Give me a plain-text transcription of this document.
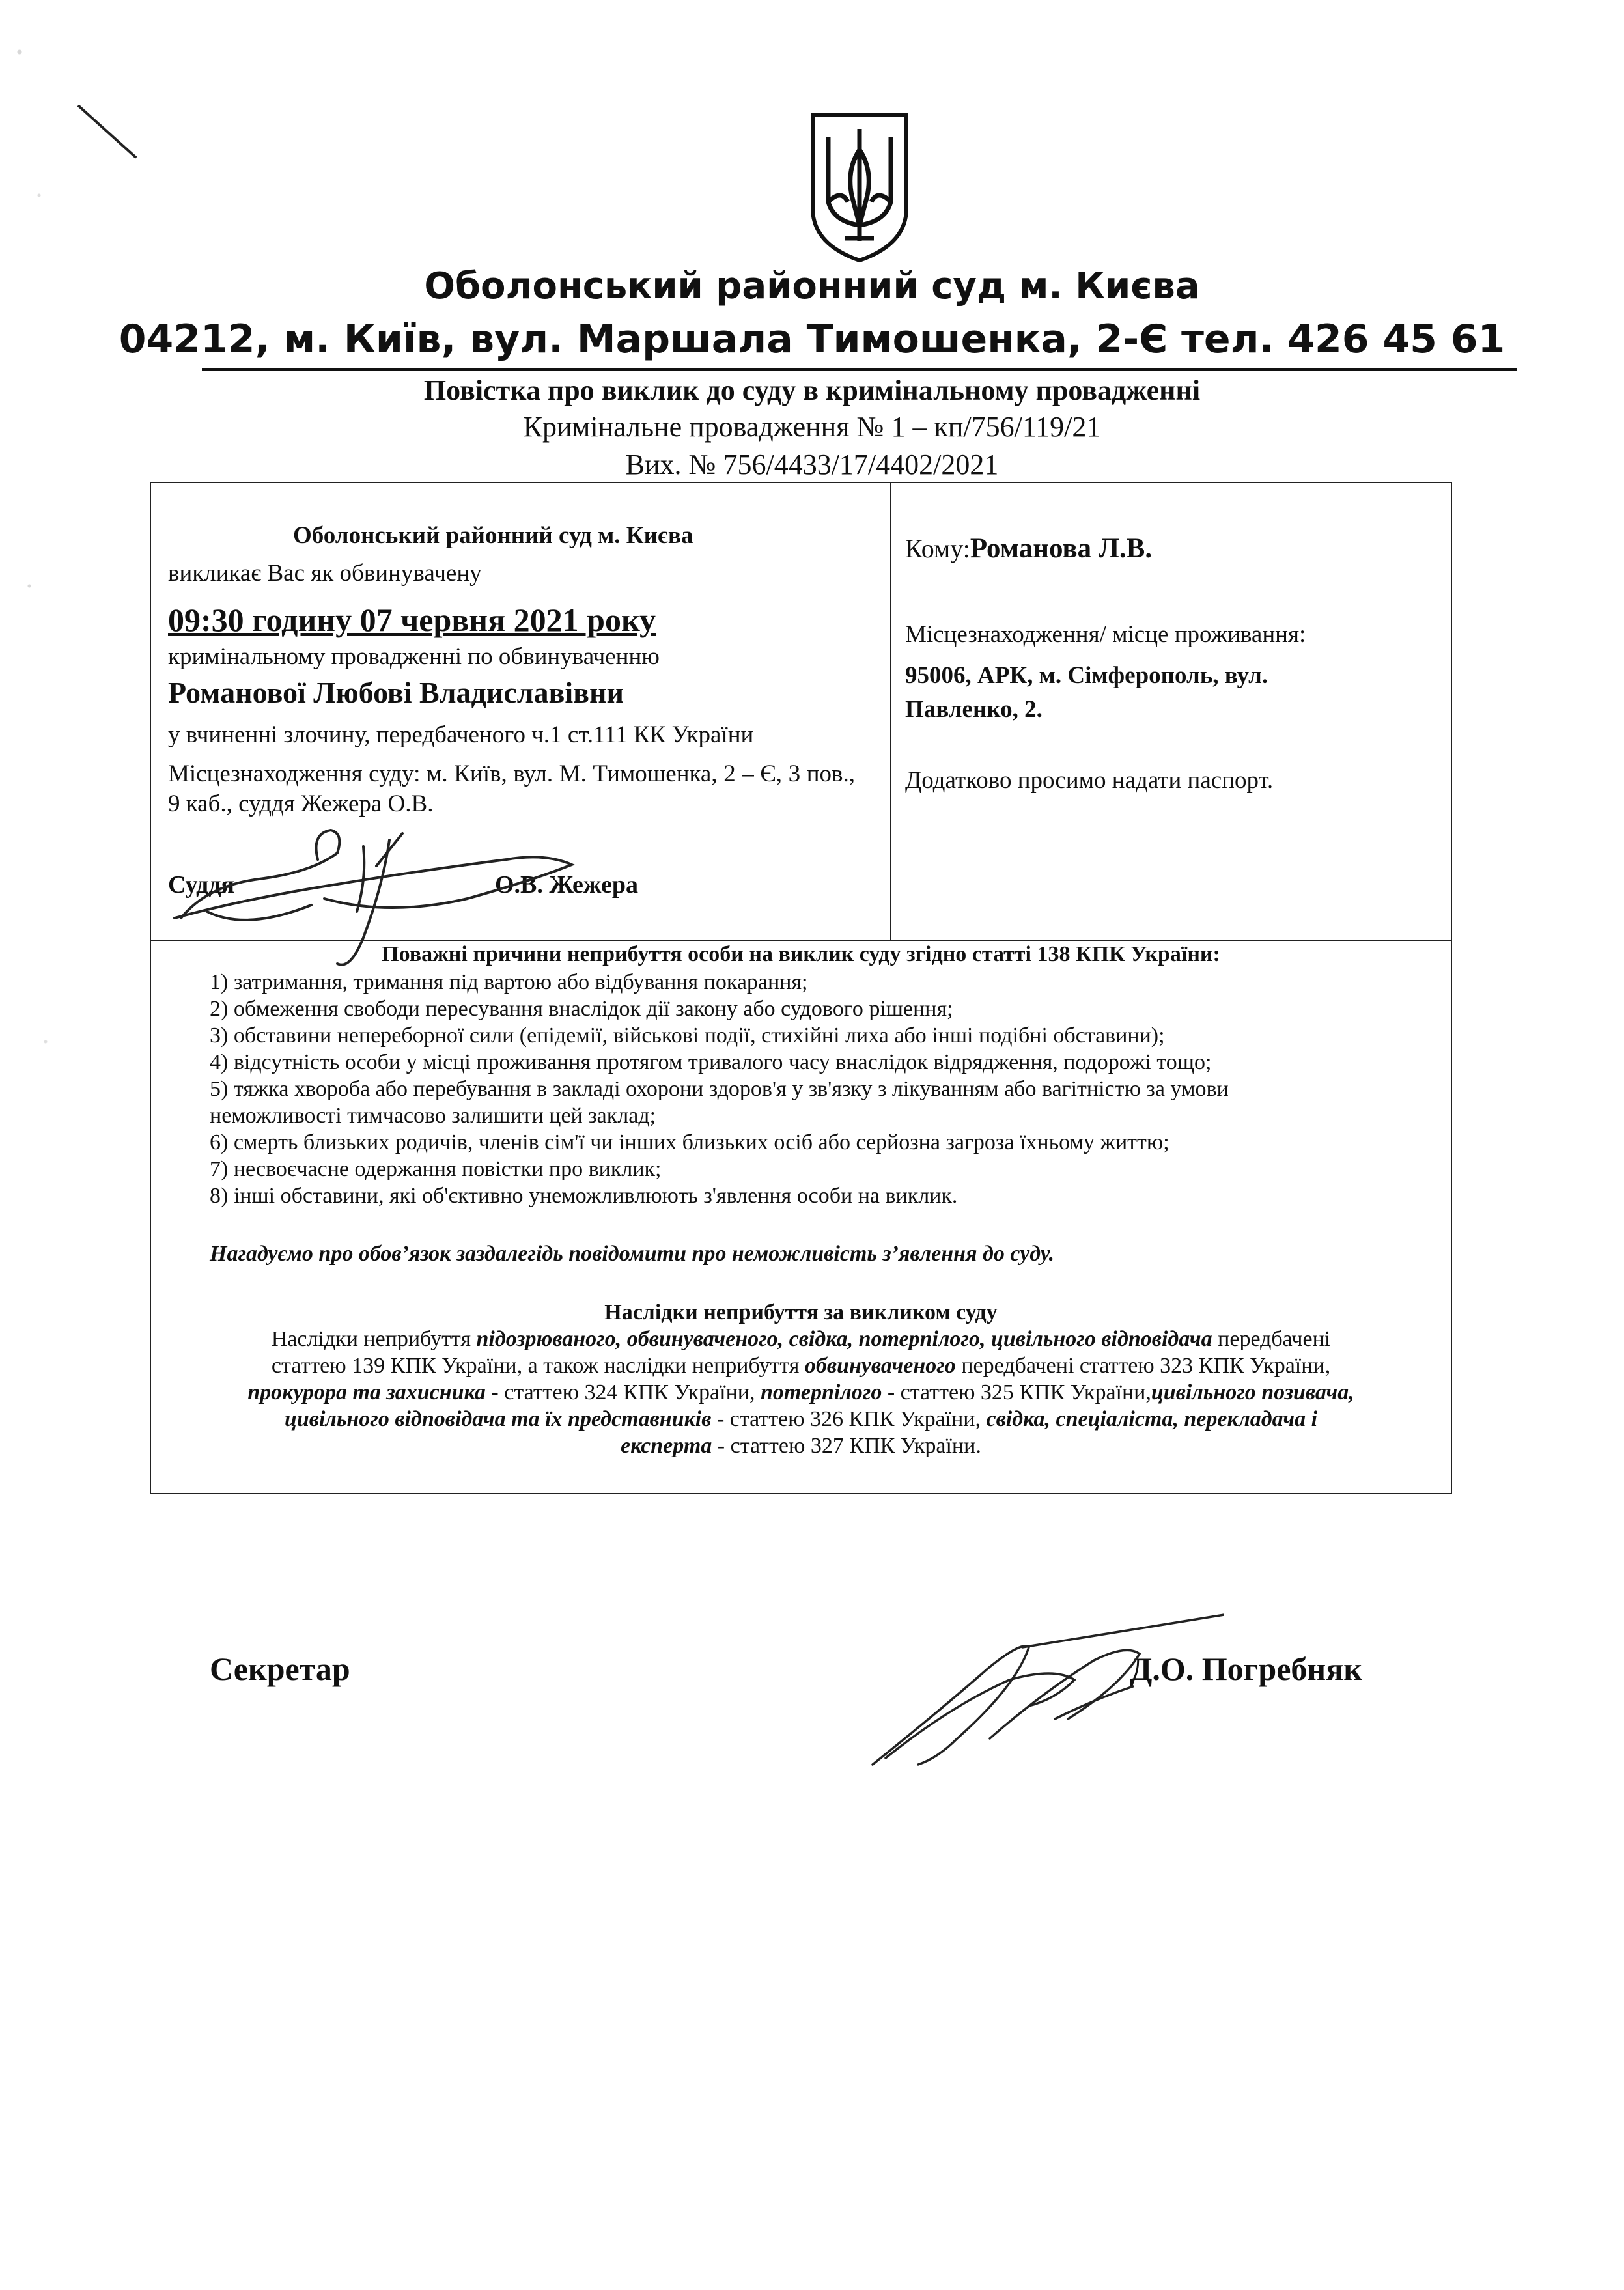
Оболонський районний суд м. Києва
04212, м. Київ, вул. Маршала Тимошенка, 2-Є тел. 426 45 61
Повістка про виклик до суду в кримінальному провадженні
Кримінальне провадження № 1 – кп/756/119/21
Вих. № 756/4433/17/4402/2021
Оболонський районний суд м. Києва
викликає Вас як обвинувачену
09:30 годину 07 червня 2021 року
кримінальному провадженні по обвинуваченню
Романової Любові Владиславівни
у вчиненні злочину, передбаченого ч.1 ст.111 КК України
Місцезнаходження суду: м. Київ, вул. М. Тимошенка, 2 – Є, 3 пов., 9 каб., суддя Жежера О.В.
Суддя	О.В. Жежера
Кому:Романова Л.В.
Місцезнаходження/ місце проживання:
95006, АРК, м. Сімферополь, вул. Павленко, 2.
Додатково просимо надати паспорт.
Поважні причини неприбуття особи на виклик суду згідно статті 138 КПК України:
1) затримання, тримання під вартою або відбування покарання;
2) обмеження свободи пересування внаслідок дії закону або судового рішення;
3) обставини непереборної сили (епідемії, військові події, стихійні лиха або інші подібні обставини);
4) відсутність особи у місці проживання протягом тривалого часу внаслідок відрядження, подорожі тощо;
5) тяжка хвороба або перебування в закладі охорони здоров'я у зв'язку з лікуванням або вагітністю за умови
неможливості тимчасово залишити цей заклад;
6) смерть близьких родичів, членів сім'ї чи інших близьких осіб або серйозна загроза їхньому життю;
7) несвоєчасне одержання повістки про виклик;
8) інші обставини, які об'єктивно унеможливлюють з'явлення особи на виклик.
Нагадуємо про обов’язок заздалегідь повідомити про неможливість з’явлення до суду.
Наслідки неприбуття за викликом суду
Наслідки неприбуття підозрюваного, обвинуваченого, свідка, потерпілого, цивільного відповідача передбачені
статтею 139 КПК України, а також наслідки неприбуття обвинуваченого передбачені статтею 323 КПК України,
прокурора та захисника - статтею 324 КПК України, потерпілого - статтею 325 КПК України,цивільного позивача,
цивільного відповідача та їх представників - статтею 326 КПК України, свідка, спеціаліста, перекладача і
експерта - статтею 327 КПК України.
Секретар	Д.О. Погребняк
